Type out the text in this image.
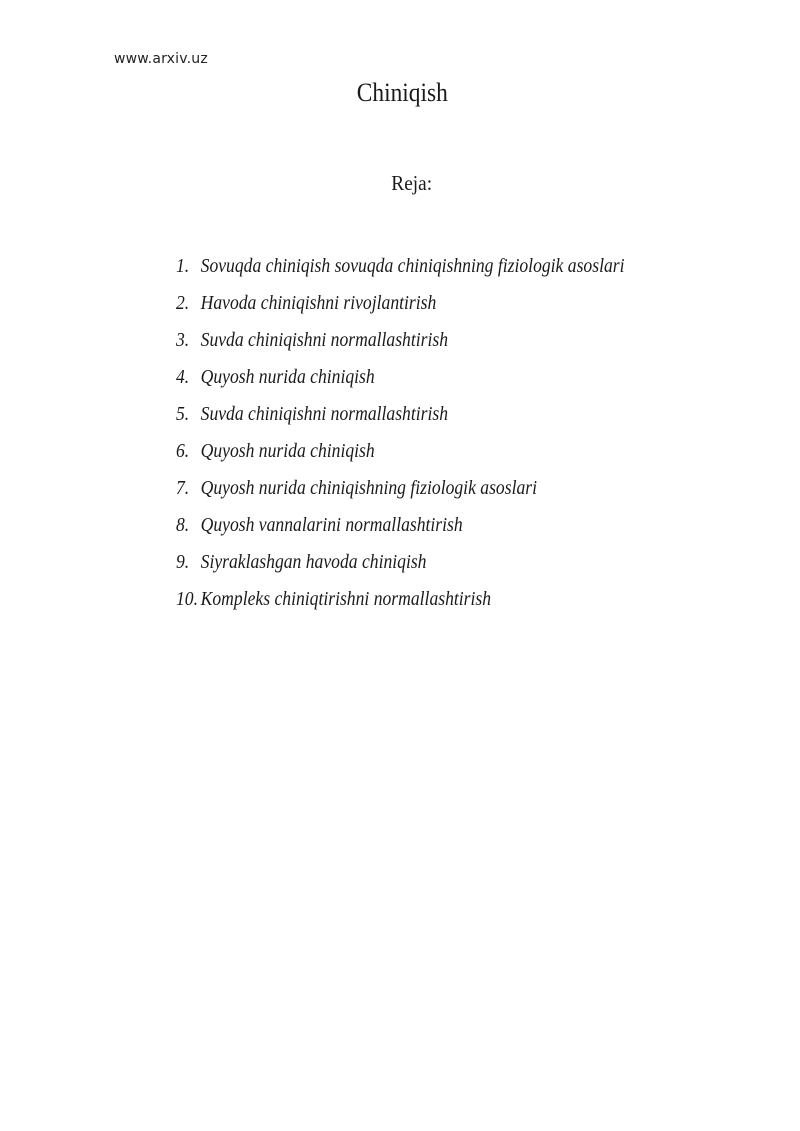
www.arxiv.uz
Chiniqish
Reja:
1. Sovuqda chiniqish sovuqda chiniqishning fiziologik asoslari
2. Havoda chiniqishni rivojlantirish
3. Suvda chiniqishni normallashtirish
4. Quyosh nurida chiniqish
5. Suvda chiniqishni normallashtirish
6. Quyosh nurida chiniqish
7. Quyosh nurida chiniqishning fiziologik asoslari
8. Quyosh vannalarini normallashtirish
9. Siyraklashgan havoda chiniqish
10. Kompleks chiniqtirishni normallashtirish
